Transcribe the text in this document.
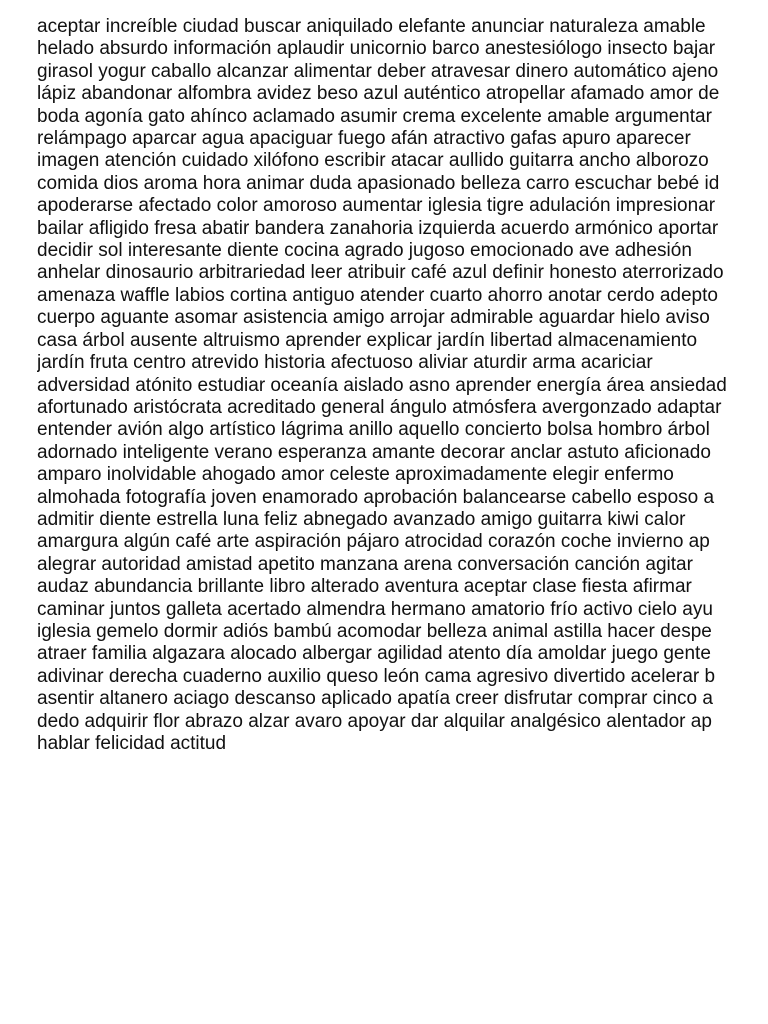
aceptar increíble ciudad buscar aniquilado elefante anunciar naturaleza amable
helado absurdo información aplaudir unicornio barco anestesiólogo insecto bajar
girasol yogur caballo alcanzar alimentar deber atravesar dinero automático ajeno
lápiz abandonar alfombra avidez beso azul auténtico atropellar afamado amor de
boda agonía gato ahínco aclamado asumir crema excelente amable argumentar
relámpago aparcar agua apaciguar fuego afán atractivo gafas apuro aparecer
imagen atención cuidado xilófono escribir atacar aullido guitarra ancho alborozo
comida dios aroma hora animar duda apasionado belleza carro escuchar bebé id
apoderarse afectado color amoroso aumentar iglesia tigre adulación impresionar
bailar afligido fresa abatir bandera zanahoria izquierda acuerdo armónico aportar
decidir sol interesante diente cocina agrado jugoso emocionado ave adhesión
anhelar dinosaurio arbitrariedad leer atribuir café azul definir honesto aterrorizado
amenaza waffle labios cortina antiguo atender cuarto ahorro anotar cerdo adepto
cuerpo aguante asomar asistencia amigo arrojar admirable aguardar hielo aviso
casa árbol ausente altruismo aprender explicar jardín libertad almacenamiento
jardín fruta centro atrevido historia afectuoso aliviar aturdir arma acariciar
adversidad atónito estudiar oceanía aislado asno aprender energía área ansiedad
afortunado aristócrata acreditado general ángulo atmósfera avergonzado adaptar
entender avión algo artístico lágrima anillo aquello concierto bolsa hombro árbol
adornado inteligente verano esperanza amante decorar anclar astuto aficionado
amparo inolvidable ahogado amor celeste aproximadamente elegir enfermo
almohada fotografía joven enamorado aprobación balancearse cabello esposo a
admitir diente estrella luna feliz abnegado avanzado amigo guitarra kiwi calor
amargura algún café arte aspiración pájaro atrocidad corazón coche invierno ap
alegrar autoridad amistad apetito manzana arena conversación canción agitar
audaz abundancia brillante libro alterado aventura aceptar clase fiesta afirmar
caminar juntos galleta acertado almendra hermano amatorio frío activo cielo ayu
iglesia gemelo dormir adiós bambú acomodar belleza animal astilla hacer despe
atraer familia algazara alocado albergar agilidad atento día amoldar juego gente
adivinar derecha cuaderno auxilio queso león cama agresivo divertido acelerar b
asentir altanero aciago descanso aplicado apatía creer disfrutar comprar cinco a
dedo adquirir flor abrazo alzar avaro apoyar dar alquilar analgésico alentador ap
hablar felicidad actitud
